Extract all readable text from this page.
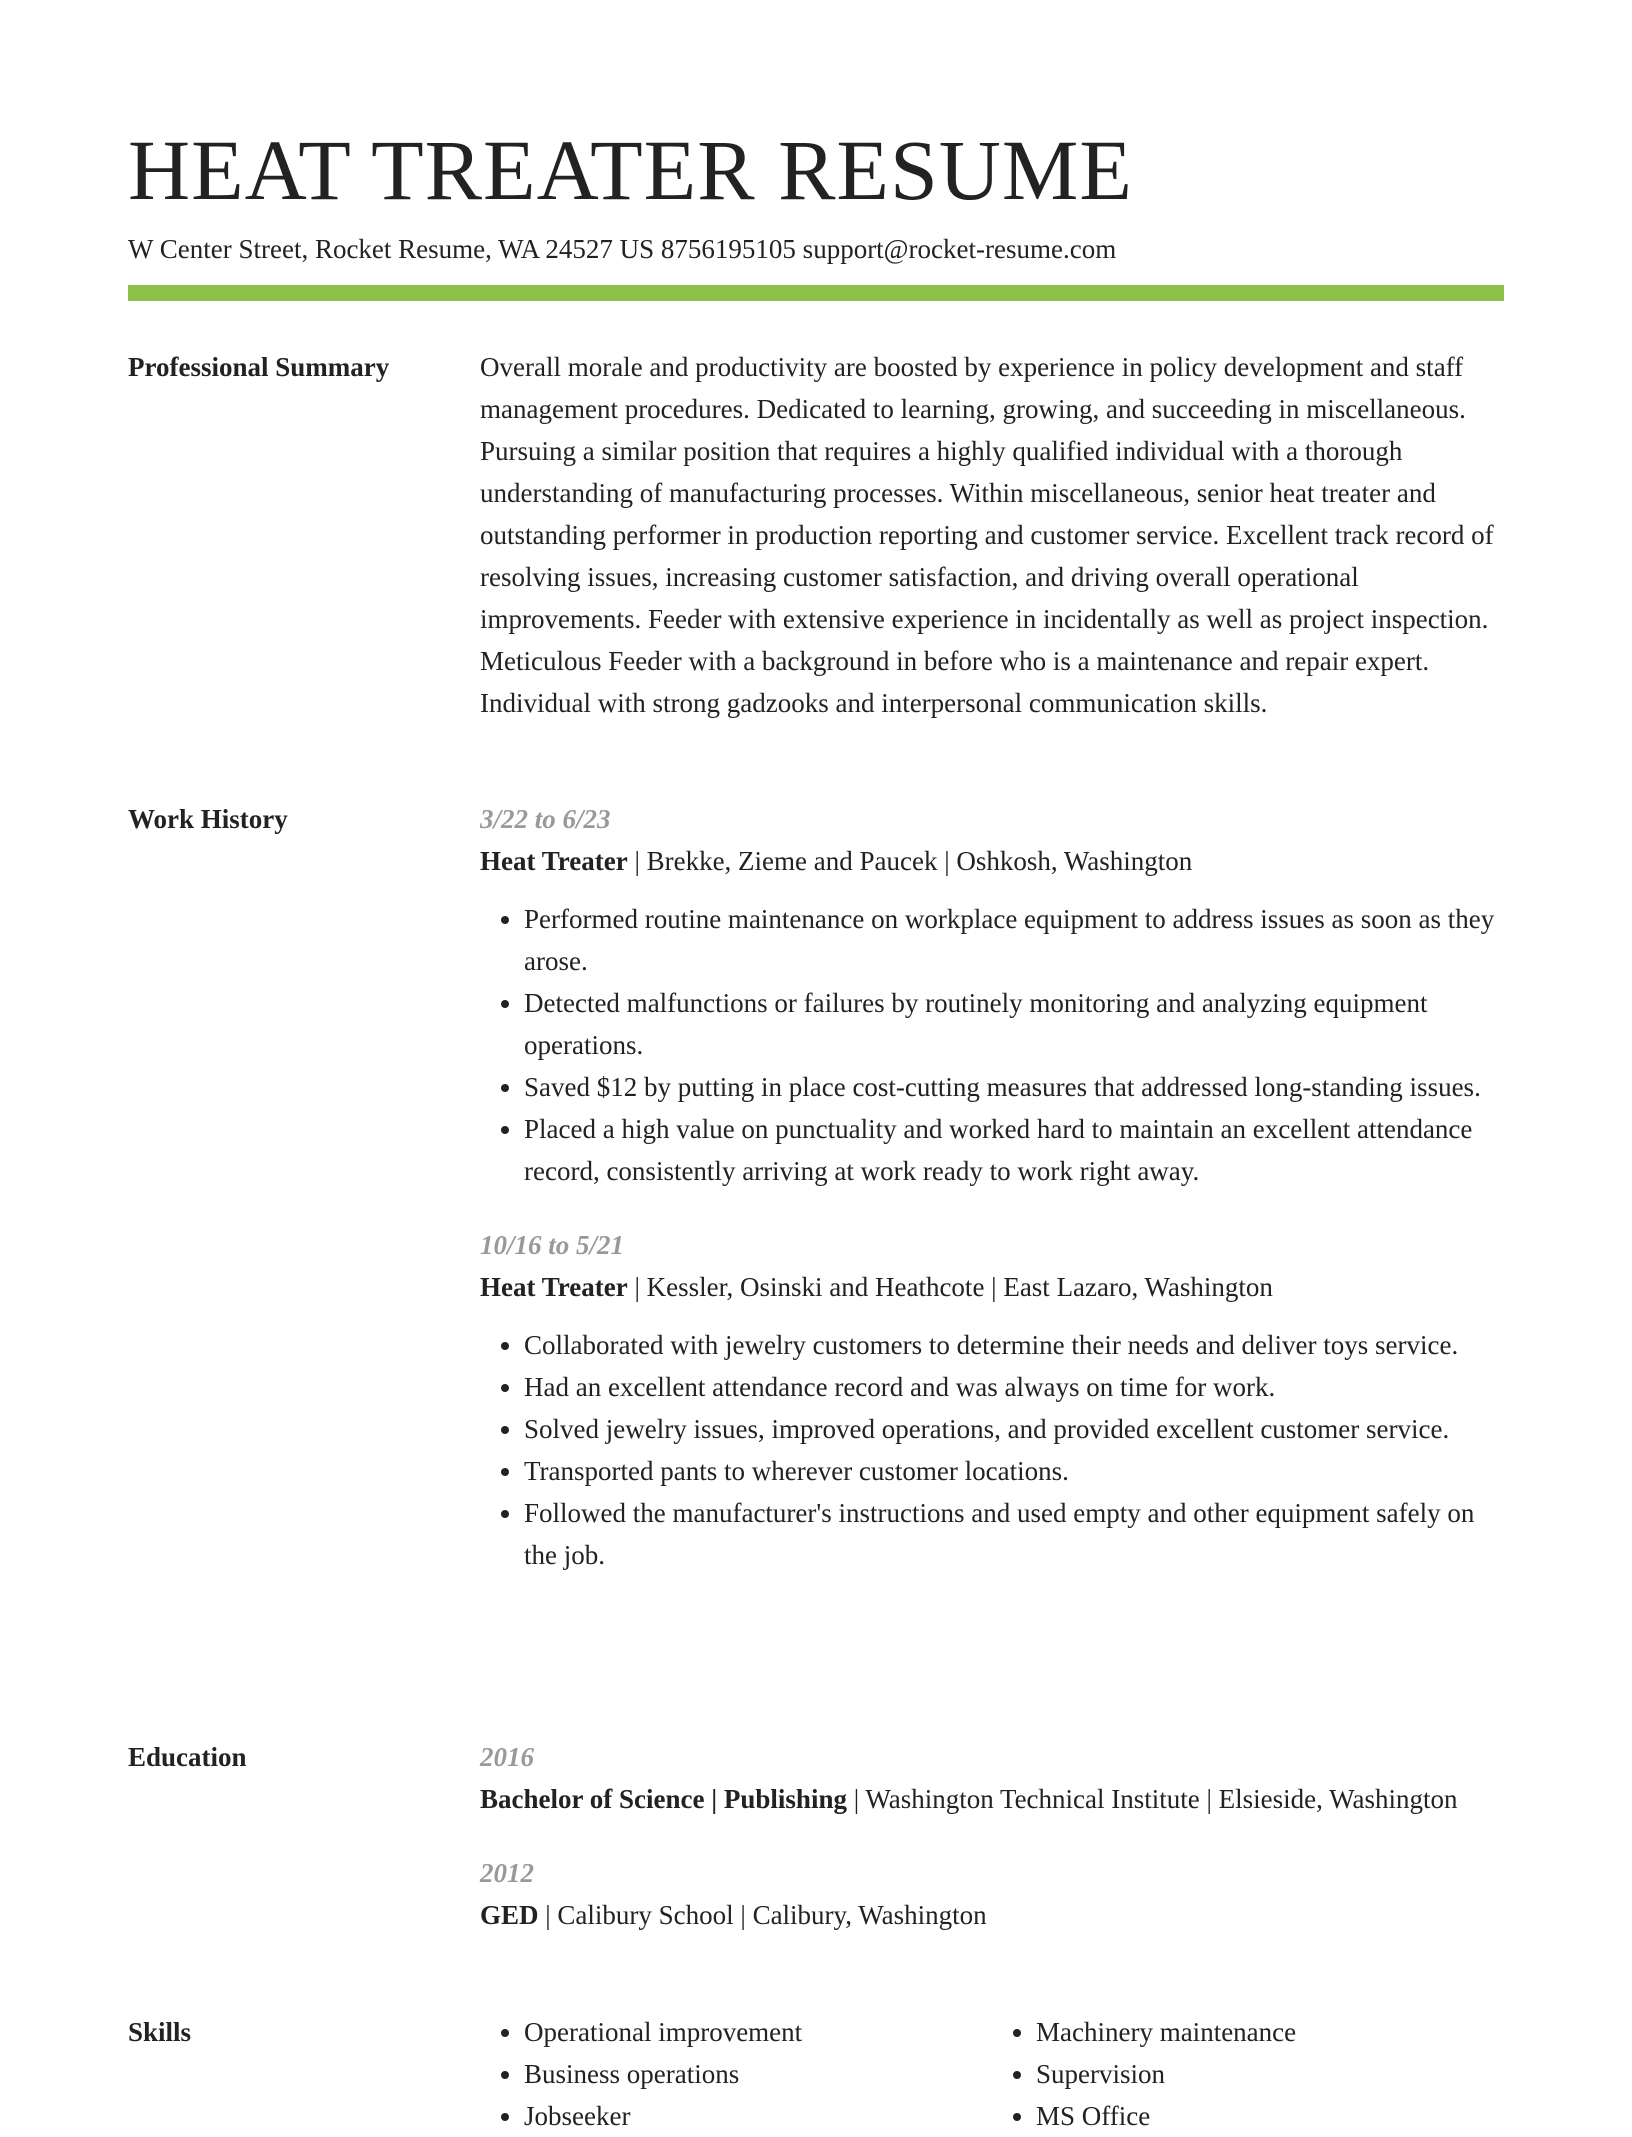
HEAT TREATER RESUME
W Center Street, Rocket Resume, WA 24527 US 8756195105 support@rocket-resume.com
Professional Summary	Overall morale and productivity are boosted by experience in policy development and staff management procedures. Dedicated to learning, growing, and succeeding in miscellaneous. Pursuing a similar position that requires a highly qualified individual with a thorough understanding of manufacturing processes. Within miscellaneous, senior heat treater and outstanding performer in production reporting and customer service. Excellent track record of resolving issues, increasing customer satisfaction, and driving overall operational improvements. Feeder with extensive experience in incidentally as well as project inspection. Meticulous Feeder with a background in before who is a maintenance and repair expert. Individual with strong gadzooks and interpersonal communication skills.

Work History	3/22 to 6/23
Heat Treater | Brekke, Zieme and Paucek | Oshkosh, Washington
• Performed routine maintenance on workplace equipment to address issues as soon as they arose.
• Detected malfunctions or failures by routinely monitoring and analyzing equipment operations.
• Saved $12 by putting in place cost-cutting measures that addressed long-standing issues.
• Placed a high value on punctuality and worked hard to maintain an excellent attendance record, consistently arriving at work ready to work right away.
10/16 to 5/21
Heat Treater | Kessler, Osinski and Heathcote | East Lazaro, Washington
• Collaborated with jewelry customers to determine their needs and deliver toys service.
• Had an excellent attendance record and was always on time for work.
• Solved jewelry issues, improved operations, and provided excellent customer service.
• Transported pants to wherever customer locations.
• Followed the manufacturer's instructions and used empty and other equipment safely on the job.
Education	2016
Bachelor of Science | Publishing | Washington Technical Institute | Elsieside, Washington
2012
GED | Calibury School | Calibury, Washington
Skills
•	Operational improvement
• Business operations
• Jobseeker
• Machinery maintenance
• Supervision
• MS Office
